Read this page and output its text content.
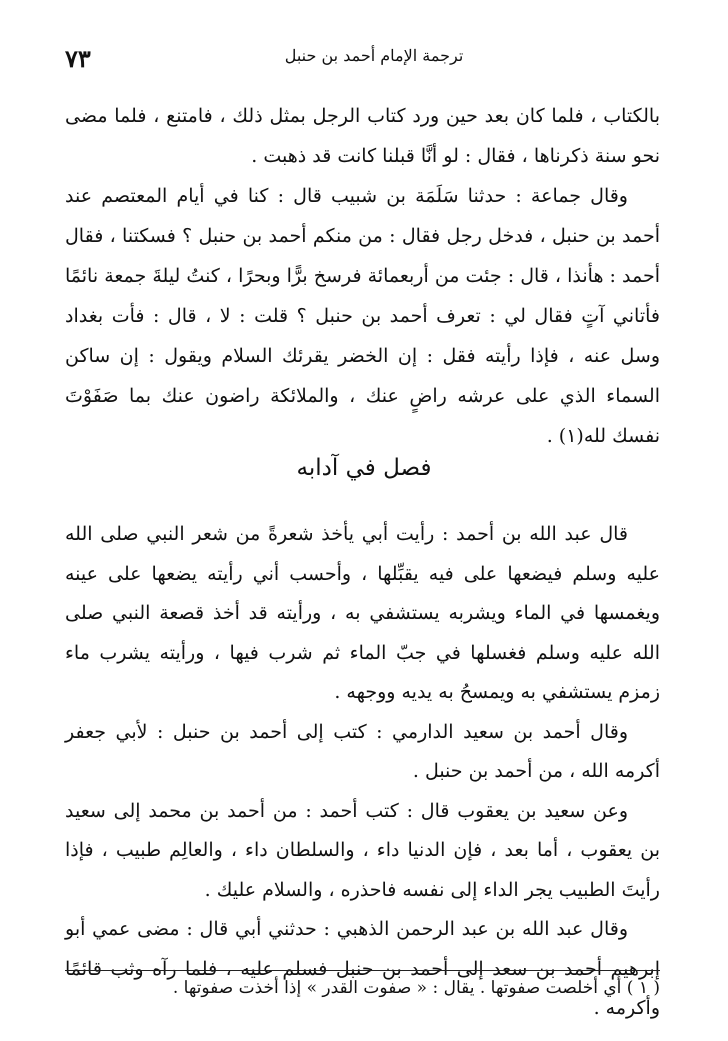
٧٣	ترجمة الإمام أحمد بن حنبل

بالكتاب ، فلما كان بعد حين ورد كتاب الرجل بمثل ذلك ، فامتنع ، فلما مضى نحو سنة ذكرناها ، فقال : لو أنَّا قبلنا كانت قد ذهبت .

وقال جماعة : حدثنا سَلَمَة بن شبيب قال : كنا في أيام المعتصم عند أحمد بن حنبل ، فدخل رجل فقال : من منكم أحمد بن حنبل ؟ فسكتنا ، فقال أحمد : هأنذا ، قال : جئت من أربعمائة فرسخ برًّا وبحرًا ، كنتُ ليلةَ جمعة نائمًا فأتاني آتٍ فقال لي : تعرف أحمد بن حنبل ؟ قلت : لا ، قال : فأت بغداد وسل عنه ، فإذا رأيته فقل : إن الخضر يقرئك السلام ويقول : إن ساكن السماء الذي على عرشه راضٍ عنك ، والملائكة راضون عنك بما صَفَوْتَ نفسك لله(١) .

فصل في آدابه

قال عبد الله بن أحمد : رأيت أبي يأخذ شعرةً من شعر النبي صلى الله عليه وسلم فيضعها على فيه يقبِّلها ، وأحسب أني رأيته يضعها على عينه ويغمسها في الماء ويشربه يستشفي به ، ورأيته قد أخذ قصعة النبي صلى الله عليه وسلم فغسلها في جبّ الماء ثم شرب فيها ، ورأيته يشرب ماء زمزم يستشفي به ويمسحُ به يديه ووجهه .

وقال أحمد بن سعيد الدارمي : كتب إلى أحمد بن حنبل : لأبي جعفر أكرمه الله ، من أحمد بن حنبل .

وعن سعيد بن يعقوب قال : كتب أحمد : من أحمد بن محمد إلى سعيد بن يعقوب ، أما بعد ، فإن الدنيا داء ، والسلطان داء ، والعالِم طبيب ، فإذا رأيتَ الطبيب يجر الداء إلى نفسه فاحذره ، والسلام عليك .

وقال عبد الله بن عبد الرحمن الذهبي : حدثني أبي قال : مضى عمي أبو إبرهيم أحمد بن سعد إلى أحمد بن حنبل فسلم عليه ، فلما رآه وثب قائمًا وأكرمه .

( ١ ) أي أخلصت صفوتها . يقال : « صفوت القدر » إذا أخذت صفوتها .
